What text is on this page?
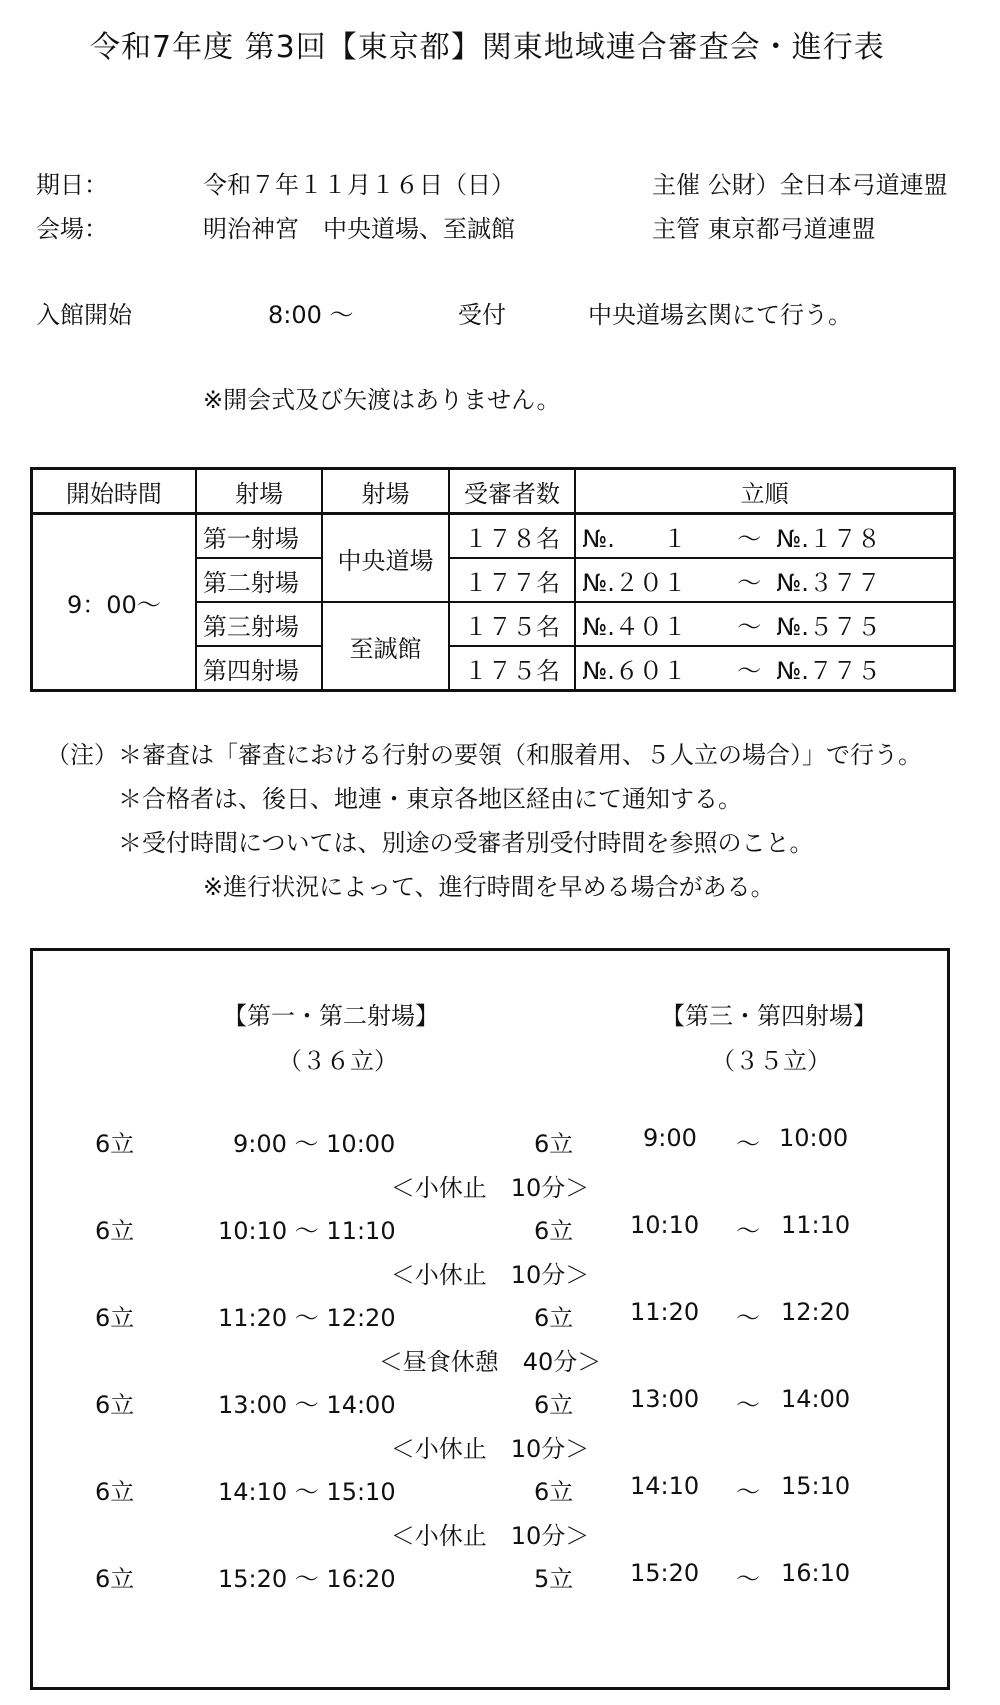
令和7年度 第3回【東京都】関東地域連合審査会・進行表
期日：	令和７年１１月１６日（日）	主催 公財）全日本弓道連盟
会場：	明治神宮　中央道場、至誠館	主管 東京都弓道連盟
入館開始	8:00 ～	受付	中央道場玄関にて行う。
※開会式及び矢渡はありません。
開始時間	射場	射場	受審者数	立順
9：00～	第一射場	中央道場	１７８名	№.　　１ ～ №.１７８

	第二射場		１７７名	№.２０１ ～ №.３７７

	第三射場	至誠館	１７５名	№.４０１ ～ №.５７５

	第四射場		１７５名	№.６０１ ～ №.７７５
（注） ＊審査は「審査における行射の要領（和服着用、５人立の場合）」で行う。
＊合格者は、後日、地連・東京各地区経由にて通知する。
＊受付時間については、別途の受審者別受付時間を参照のこと。
※進行状況によって、進行時間を早める場合がある。
【第一・第二射場】
（３６立）
【第三・第四射場】
（３５立）
6立	9:00 ～ 10:00	6立	9:00 ～ 10:00
＜小休止　10分＞
6立	10:10 ～ 11:10	6立 10:10 ～ 11:10
＜小休止　10分＞
6立	11:20 ～ 12:20	6立 11:20 ～ 12:20
＜昼食休憩　40分＞
6立	13:00 ～ 14:00	6立 13:00 ～ 14:00
＜小休止　10分＞
6立	14:10 ～ 15:10	6立 14:10 ～ 15:10
＜小休止　10分＞
6立	15:20 ～ 16:20	5立 15:20 ～ 16:10
